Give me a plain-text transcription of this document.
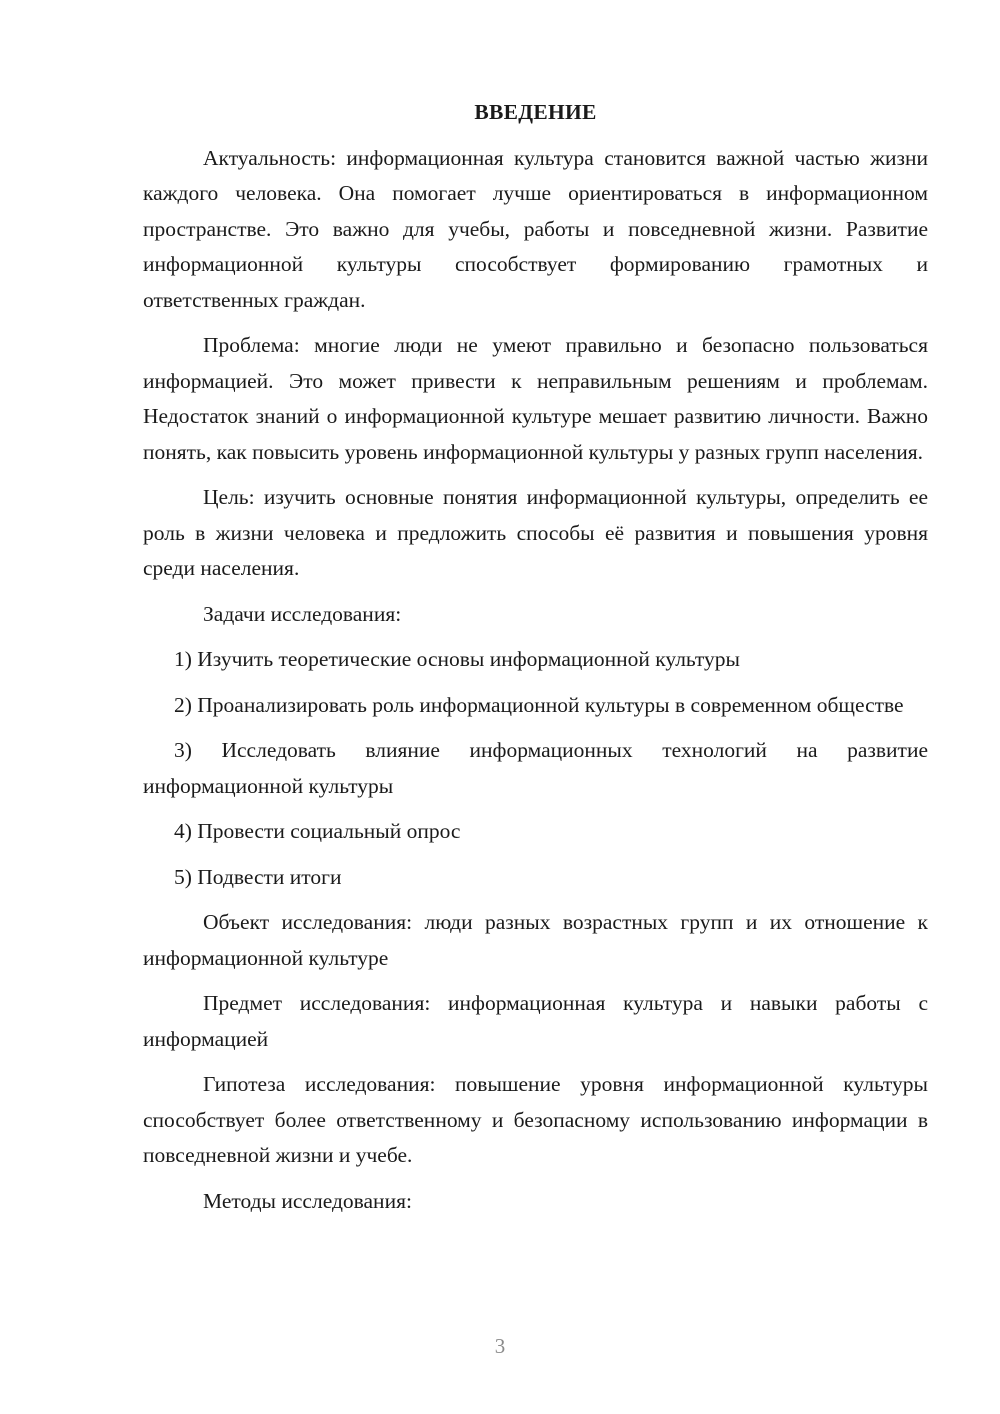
ВВЕДЕНИЕ
Актуальность: информационная культура становится важной частью жизни каждого человека. Она помогает лучше ориентироваться в информационном пространстве. Это важно для учебы, работы и повседневной жизни. Развитие информационной культуры способствует формированию грамотных и ответственных граждан.
Проблема: многие люди не умеют правильно и безопасно пользоваться информацией. Это может привести к неправильным решениям и проблемам. Недостаток знаний о информационной культуре мешает развитию личности. Важно понять, как повысить уровень информационной культуры у разных групп населения.
Цель: изучить основные понятия информационной культуры, определить ее роль в жизни человека и предложить способы её развития и повышения уровня среди населения.
Задачи исследования:
1) Изучить теоретические основы информационной культуры
2) Проанализировать роль информационной культуры в современном обществе
3) Исследовать влияние информационных технологий на развитие информационной культуры
4) Провести социальный опрос
5) Подвести итоги
Объект исследования: люди разных возрастных групп и их отношение к информационной культуре
Предмет исследования: информационная культура и навыки работы с информацией
Гипотеза исследования: повышение уровня информационной культуры способствует более ответственному и безопасному использованию информации в повседневной жизни и учебе.
Методы исследования:
3
